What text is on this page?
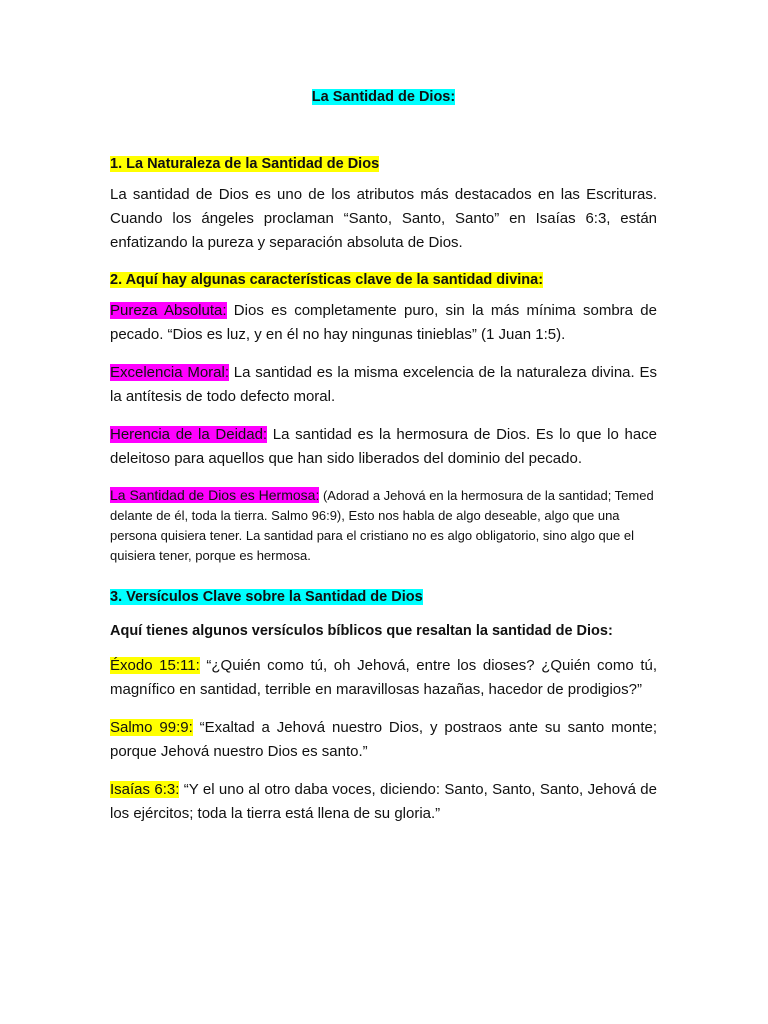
La Santidad de Dios:
1. La Naturaleza de la Santidad de Dios

La santidad de Dios es uno de los atributos más destacados en las Escrituras. Cuando los ángeles proclaman “Santo, Santo, Santo” en Isaías 6:3, están enfatizando la pureza y separación absoluta de Dios.

2. Aquí hay algunas características clave de la santidad divina:

Pureza Absoluta: Dios es completamente puro, sin la más mínima sombra de pecado. “Dios es luz, y en él no hay ningunas tinieblas” (1 Juan 1:5).

Excelencia Moral: La santidad es la misma excelencia de la naturaleza divina. Es la antítesis de todo defecto moral.

Herencia de la Deidad: La santidad es la hermosura de Dios. Es lo que lo hace deleitoso para aquellos que han sido liberados del dominio del pecado.

La Santidad de Dios es Hermosa: (Adorad a Jehová en la hermosura de la santidad; Temed delante de él, toda la tierra. Salmo 96:9), Esto nos habla de algo deseable, algo que una persona quisiera tener. La santidad para el cristiano no es algo obligatorio, sino algo que el quisiera tener, porque es hermosa.

3. Versículos Clave sobre la Santidad de Dios

Aquí tienes algunos versículos bíblicos que resaltan la santidad de Dios:

Éxodo 15:11: “¿Quién como tú, oh Jehová, entre los dioses? ¿Quién como tú, magnífico en santidad, terrible en maravillosas hazañas, hacedor de prodigios?”

Salmo 99:9: “Exaltad a Jehová nuestro Dios, y postraos ante su santo monte; porque Jehová nuestro Dios es santo.”

Isaías 6:3: “Y el uno al otro daba voces, diciendo: Santo, Santo, Santo, Jehová de los ejércitos; toda la tierra está llena de su gloria.”
